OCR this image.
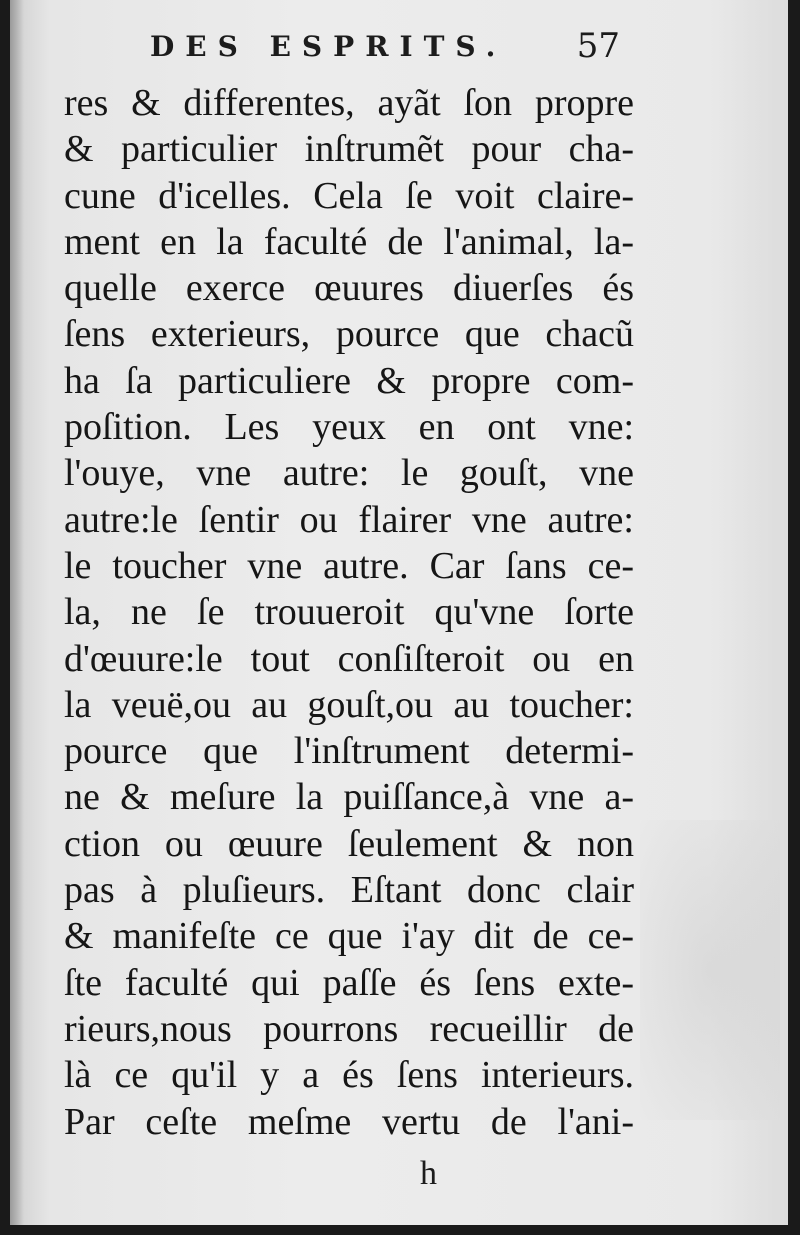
DES ESPRITS. 57
res & differentes, ayãt ſon propre
& particulier inſtrumẽt pour cha-
cune d'icelles. Cela ſe voit claire-
ment en la faculté de l'animal, la-
quelle exerce œuures diuerſes és
ſens exterieurs, pource que chacũ
ha ſa particuliere & propre com-
poſition. Les yeux en ont vne:
l'ouye, vne autre: le gouſt, vne
autre:le ſentir ou flairer vne autre:
le toucher vne autre. Car ſans ce-
la, ne ſe trouueroit qu'vne ſorte
d'œuure:le tout conſiſteroit ou en
la veuë,ou au gouſt,ou au toucher:
pource que l'inſtrument determi-
ne & meſure la puiſſance,à vne a-
ction ou œuure ſeulement & non
pas à pluſieurs. Eſtant donc clair
& manifeſte ce que i'ay dit de ce-
ſte faculté qui paſſe és ſens exte-
rieurs,nous pourrons recueillir de
là ce qu'il y a és ſens interieurs.
Par ceſte meſme vertu de l'ani-
h
